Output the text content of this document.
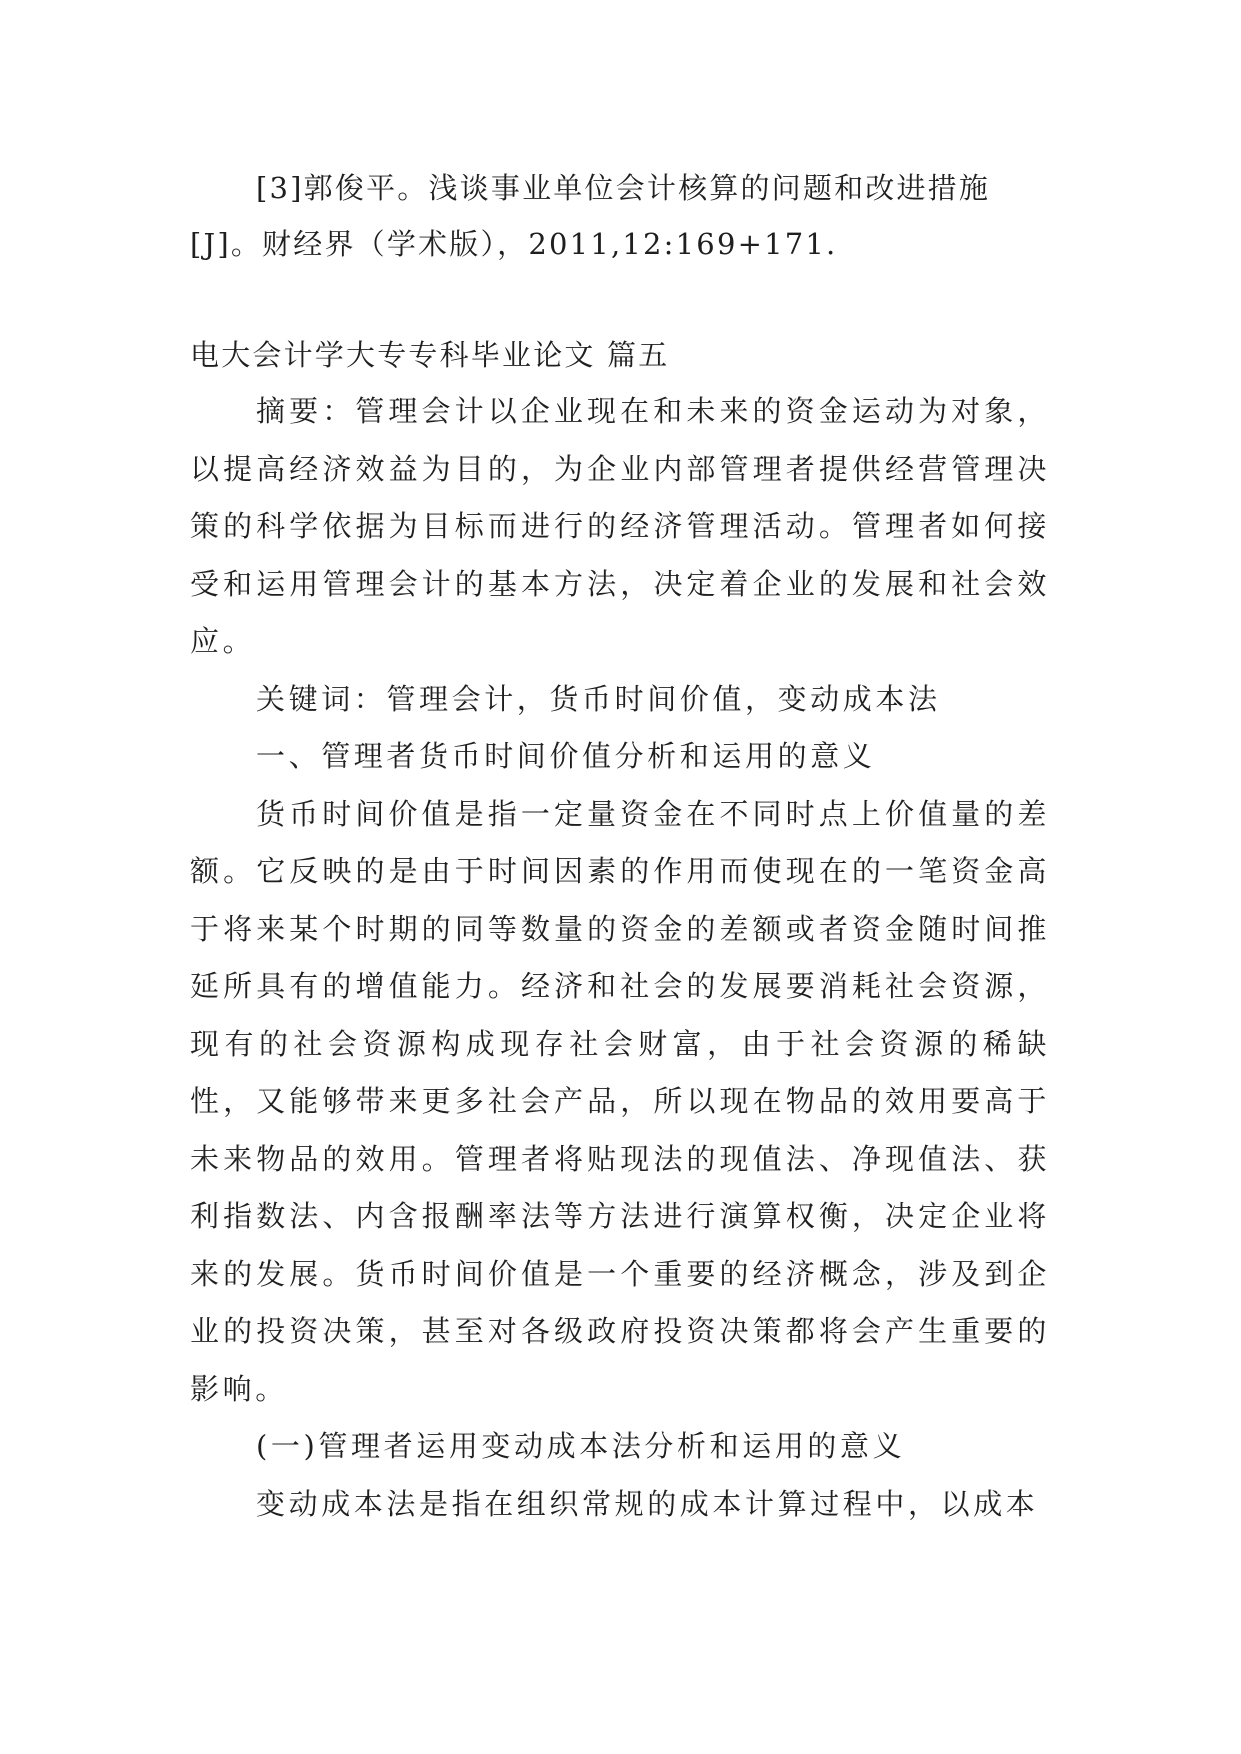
[3]郭俊平。浅谈事业单位会计核算的问题和改进措施[J]。财经界（学术版），2011,12:169+171.

电大会计学大专专科毕业论文 篇五

摘要：管理会计以企业现在和未来的资金运动为对象，以提高经济效益为目的，为企业内部管理者提供经营管理决策的科学依据为目标而进行的经济管理活动。管理者如何接受和运用管理会计的基本方法，决定着企业的发展和社会效应。

关键词：管理会计，货币时间价值，变动成本法

一、管理者货币时间价值分析和运用的意义

货币时间价值是指一定量资金在不同时点上价值量的差额。它反映的是由于时间因素的作用而使现在的一笔资金高于将来某个时期的同等数量的资金的差额或者资金随时间推延所具有的增值能力。经济和社会的发展要消耗社会资源，现有的社会资源构成现存社会财富，由于社会资源的稀缺性，又能够带来更多社会产品，所以现在物品的效用要高于未来物品的效用。管理者将贴现法的现值法、净现值法、获利指数法、内含报酬率法等方法进行演算权衡，决定企业将来的发展。货币时间价值是一个重要的经济概念，涉及到企业的投资决策，甚至对各级政府投资决策都将会产生重要的影响。

(一)管理者运用变动成本法分析和运用的意义

变动成本法是指在组织常规的成本计算过程中，以成本
